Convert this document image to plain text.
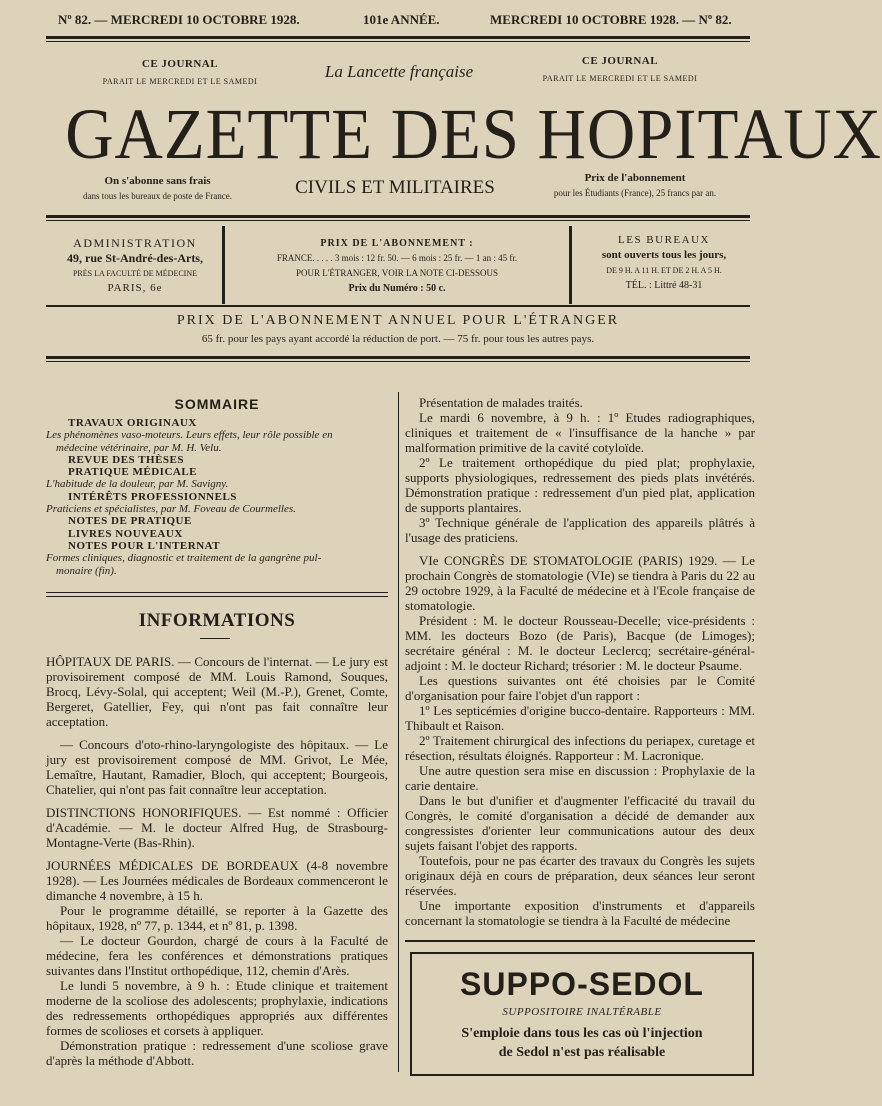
Nº 82. — MERCREDI 10 OCTOBRE 1928.	101e ANNÉE.	MERCREDI 10 OCTOBRE 1928. — Nº 82.
CE JOURNAL
PARAIT LE MERCREDI ET LE SAMEDI
La Lancette française
CE JOURNAL
PARAIT LE MERCREDI ET LE SAMEDI
GAZETTE DES HOPITAUX
On s'abonne sans frais
dans tous les bureaux de poste de France.	CIVILS ET MILITAIRES	Prix de l'abonnement
pour les Étudiants (France), 25 francs par an.
ADMINISTRATION
49, rue St-André-des-Arts,
PRÈS LA FACULTÉ DE MÉDECINE
PARIS, 6e
PRIX DE L'ABONNEMENT :
FRANCE. . . . . 3 mois : 12 fr. 50. — 6 mois : 25 fr. — 1 an : 45 fr.
POUR L'ÉTRANGER, VOIR LA NOTE CI-DESSOUS
Prix du Numéro : 50 c.
LES BUREAUX
sont ouverts tous les jours,
DE 9 H. A 11 H. ET DE 2 H. A 5 H.
TÉL. : Littré 48-31
PRIX DE L'ABONNEMENT ANNUEL POUR L'ÉTRANGER
65 fr. pour les pays ayant accordé la réduction de port. — 75 fr. pour tous les autres pays.
SOMMAIRE
TRAVAUX ORIGINAUX
Les phénomènes vaso-moteurs. Leurs effets, leur rôle possible en
médecine vétérinaire, par M. H. Velu.
REVUE DES THÈSES
PRATIQUE MÉDICALE
L'habitude de la douleur, par M. Savigny.
INTÉRÊTS PROFESSIONNELS
Praticiens et spécialistes, par M. Foveau de Courmelles.
NOTES DE PRATIQUE
LIVRES NOUVEAUX
NOTES POUR L'INTERNAT
Formes cliniques, diagnostic et traitement de la gangrène pul-
monaire (fin).
INFORMATIONS

HÔPITAUX DE PARIS. — Concours de l'internat. — Le jury est provisoirement composé de MM. Louis Ramond, Souques, Brocq, Lévy-Solal, qui acceptent; Weil (M.-P.), Grenet, Comte, Bergeret, Gatellier, Fey, qui n'ont pas fait connaître leur acceptation.

— Concours d'oto-rhino-laryngologiste des hôpitaux. — Le jury est provisoirement composé de MM. Grivot, Le Mée, Lemaître, Hautant, Ramadier, Bloch, qui acceptent; Bourgeois, Chatelier, qui n'ont pas fait connaître leur acceptation.

DISTINCTIONS HONORIFIQUES. — Est nommé : Officier d'Académie. — M. le docteur Alfred Hug, de Strasbourg-Montagne-Verte (Bas-Rhin).

JOURNÉES MÉDICALES DE BORDEAUX (4-8 novembre 1928). — Les Journées médicales de Bordeaux commenceront le dimanche 4 novembre, à 15 h.

Pour le programme détaillé, se reporter à la Gazette des hôpitaux, 1928, nº 77, p. 1344, et nº 81, p. 1398.

— Le docteur Gourdon, chargé de cours à la Faculté de médecine, fera les conférences et démonstrations pratiques suivantes dans l'Institut orthopédique, 112, chemin d'Arès.

Le lundi 5 novembre, à 9 h. : Etude clinique et traitement moderne de la scoliose des adolescents; prophylaxie, indications des redressements orthopédiques appropriés aux différentes formes de scolioses et corsets à appliquer.

Démonstration pratique : redressement d'une scoliose grave d'après la méthode d'Abbott.

Présentation de malades traités.

Le mardi 6 novembre, à 9 h. : 1º Etudes radiographiques, cliniques et traitement de « l'insuffisance de la hanche » par malformation primitive de la cavité cotyloïde.

2º Le traitement orthopédique du pied plat; prophylaxie, supports physiologiques, redressement des pieds plats invétérés. Démonstration pratique : redressement d'un pied plat, application de supports plantaires.

3º Technique générale de l'application des appareils plâtrés à l'usage des praticiens.

VIe CONGRÈS DE STOMATOLOGIE (PARIS) 1929. — Le prochain Congrès de stomatologie (VIe) se tiendra à Paris du 22 au 29 octobre 1929, à la Faculté de médecine et à l'Ecole française de stomatologie.

Président : M. le docteur Rousseau-Decelle; vice-présidents : MM. les docteurs Bozo (de Paris), Bacque (de Limoges); secrétaire général : M. le docteur Leclercq; secrétaire-général-adjoint : M. le docteur Richard; trésorier : M. le docteur Psaume.

Les questions suivantes ont été choisies par le Comité d'organisation pour faire l'objet d'un rapport :

1º Les septicémies d'origine bucco-dentaire. Rapporteurs : MM. Thibault et Raison.

2º Traitement chirurgical des infections du periapex, curetage et résection, résultats éloignés. Rapporteur : M. Lacronique.

Une autre question sera mise en discussion : Prophylaxie de la carie dentaire.

Dans le but d'unifier et d'augmenter l'efficacité du travail du Congrès, le comité d'organisation a décidé de demander aux congressistes d'orienter leur communications autour des deux sujets faisant l'objet des rapports.

Toutefois, pour ne pas écarter des travaux du Congrès les sujets originaux déjà en cours de préparation, deux séances leur seront réservées.

Une importante exposition d'instruments et d'appareils concernant la stomatologie se tiendra à la Faculté de médecine

SUPPO-SEDOL
SUPPOSITOIRE INALTÉRABLE
S'emploie dans tous les cas où l'injection
de Sedol n'est pas réalisable
